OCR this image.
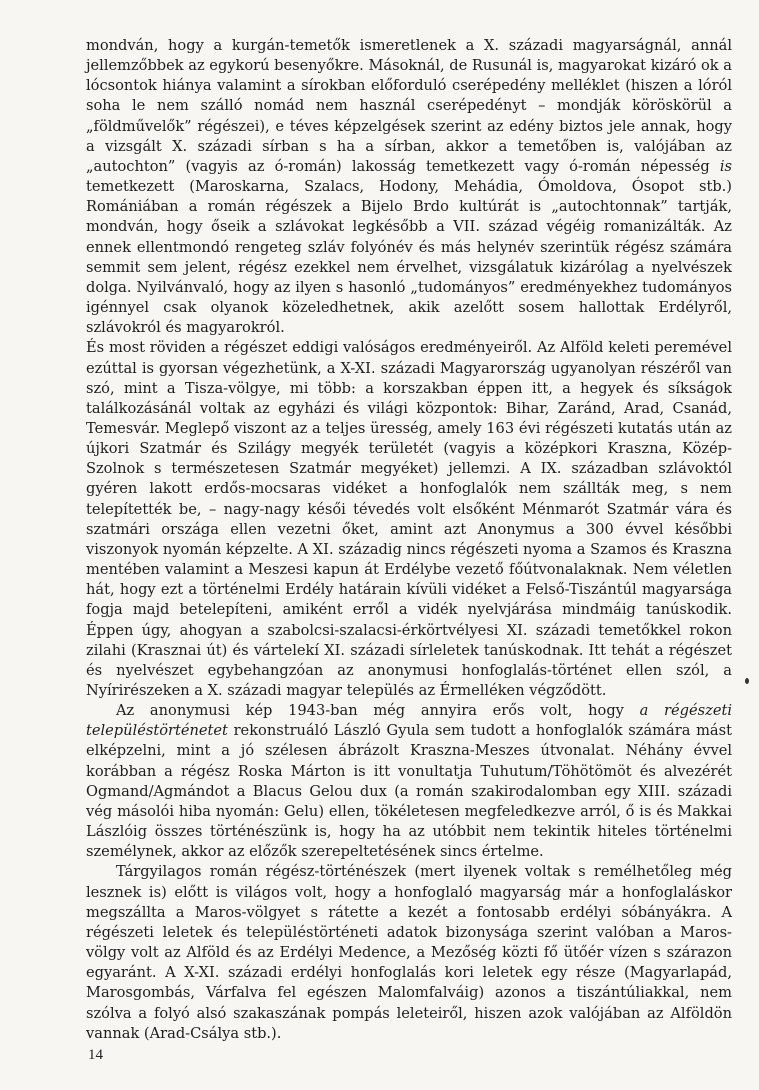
mondván, hogy a kurgán-temetők ismeretlenek a X. századi magyarságnál, annál jellemzőbbek az egykorú besenyőkre. Másoknál, de Rusunál is, magyarokat kizáró ok a lócsontok hiánya valamint a sírokban előforduló cserépedény melléklet (hiszen a lóról soha le nem szálló nomád nem használ cserépedényt – mondják köröskörül a „földművelők” régészei), e téves képzelgések szerint az edény biztos jele annak, hogy a vizsgált X. századi sírban s ha a sírban, akkor a temetőben is, valójában az „autochton” (vagyis az ó-román) lakosság temetkezett vagy ó-román népesség is temetkezett (Maroskarna, Szalacs, Hodony, Mehádia, Ómoldova, Ósopot stb.) Romániában a román régészek a Bijelo Brdo kultúrát is „autochtonnak” tartják, mondván, hogy őseik a szlávokat legkésőbb a VII. század végéig romanizálták. Az ennek ellentmondó rengeteg szláv folyónév és más helynév szerintük régész számára semmit sem jelent, régész ezekkel nem érvelhet, vizsgálatuk kizárólag a nyelvészek dolga. Nyilvánvaló, hogy az ilyen s hasonló „tudományos” eredményekhez tudományos igénnyel csak olyanok közeledhetnek, akik azelőtt sosem hallottak Erdélyről, szlávokról és magyarokról.

És most röviden a régészet eddigi valóságos eredményeiről. Az Alföld keleti peremével ezúttal is gyorsan végezhetünk, a X-XI. századi Magyarország ugyanolyan részéről van szó, mint a Tisza-völgye, mi több: a korszakban éppen itt, a hegyek és síkságok találkozásánál voltak az egyházi és világi központok: Bihar, Zaránd, Arad, Csanád, Temesvár. Meglepő viszont az a teljes üresség, amely 163 évi régészeti kutatás után az újkori Szatmár és Szilágy megyék területét (vagyis a középkori Kraszna, Közép-Szolnok s természetesen Szatmár megyéket) jellemzi. A IX. században szlávoktól gyéren lakott erdős-mocsaras vidéket a honfoglalók nem szállták meg, s nem telepítették be, – nagy-nagy késői tévedés volt elsőként Ménmarót Szatmár vára és szatmári országa ellen vezetni őket, amint azt Anonymus a 300 évvel későbbi viszonyok nyomán képzelte. A XI. századig nincs régészeti nyoma a Szamos és Kraszna mentében valamint a Meszesi kapun át Erdélybe vezető főútvonalaknak. Nem véletlen hát, hogy ezt a történelmi Erdély határain kívüli vidéket a Felső-Tiszántúl magyarsága fogja majd betelepíteni, amiként erről a vidék nyelvjárása mindmáig tanúskodik. Éppen úgy, ahogyan a szabolcsi-szalacsi-érkörtvélyesi XI. századi temetőkkel rokon zilahi (Krasznai út) és vártelekí XI. századi sírleletek tanúskodnak. Itt tehát a régészet és nyelvészet egybehangzóan az anonymusi honfoglalás-történet ellen szól, a Nyírirészeken a X. századi magyar település az Érmelléken végződött.

Az anonymusi kép 1943-ban még annyira erős volt, hogy a régészeti településtörténetet rekonstruáló László Gyula sem tudott a honfoglalók számára mást elképzelni, mint a jó szélesen ábrázolt Kraszna-Meszes útvonalat. Néhány évvel korábban a régész Roska Márton is itt vonultatja Tuhutum/Töhötömöt és alvezérét Ogmand/Agmándot a Blacus Gelou dux (a román szakirodalomban egy XIII. századi vég másolói hiba nyomán: Gelu) ellen, tökéletesen megfeledkezve arról, ő is és Makkai Lászlóig összes történészünk is, hogy ha az utóbbit nem tekintik hiteles történelmi személynek, akkor az előzők szerepeltetésének sincs értelme.

Tárgyilagos román régész-történészek (mert ilyenek voltak s remélhetőleg még lesznek is) előtt is világos volt, hogy a honfoglaló magyarság már a honfoglaláskor megszállta a Maros-völgyet s rátette a kezét a fontosabb erdélyi sóbányákra. A régészeti leletek és településtörténeti adatok bizonysága szerint valóban a Maros-völgy volt az Alföld és az Erdélyi Medence, a Mezőség közti fő ütőér vízen s szárazon egyaránt. A X-XI. századi erdélyi honfoglalás kori leletek egy része (Magyarlapád, Marosgombás, Várfalva fel egészen Malomfalváig) azonos a tiszántúliakkal, nem szólva a folyó alsó szakaszának pompás leleteiről, hiszen azok valójában az Alföldön vannak (Arad-Csálya stb.).

14
